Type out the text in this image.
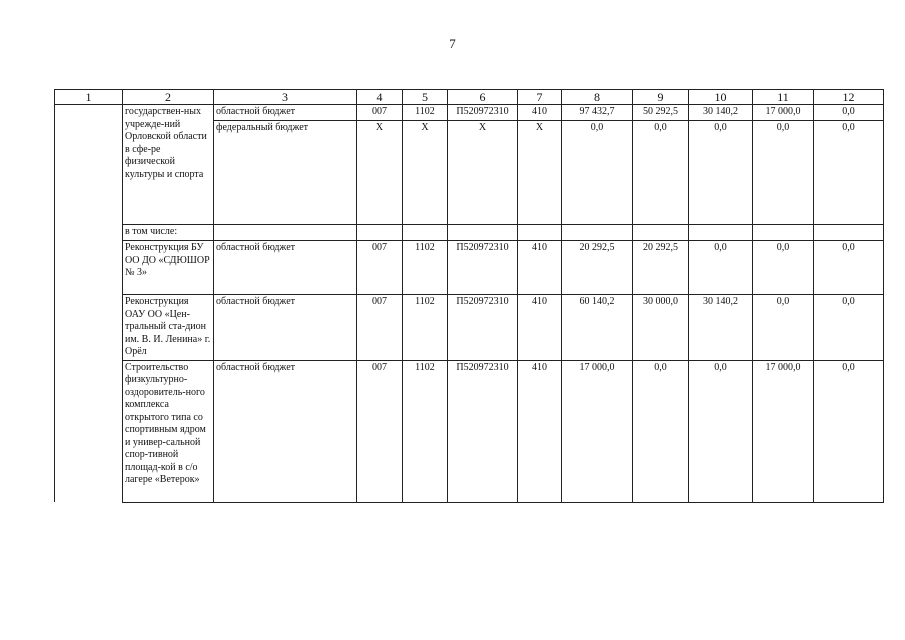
7
1	2	3	4	5	6	7	8	9	10	11	12
	государствен-ных учрежде-ний Орловской области в сфе-ре физической культуры и спорта	областной бюджет	007	1102	П520972310	410	97 432,7	50 292,5	30 140,2	17 000,0	0,0
		федеральный бюджет	Х	Х	Х	Х	0,0	0,0	0,0	0,0	0,0
	в том числе:										
	Реконструкция БУ ОО ДО «СДЮШОР № 3»	областной бюджет	007	1102	П520972310	410	20 292,5	20 292,5	0,0	0,0	0,0
	Реконструкция ОАУ ОО «Цен-тральный ста-дион им. В. И. Ленина» г. Орёл	областной бюджет	007	1102	П520972310	410	60 140,2	30 000,0	30 140,2	0,0	0,0
	Строительство физкультурно-оздоровитель-ного комплекса открытого типа со спортивным ядром и универ-сальной спор-тивной площад-кой в с/о лагере «Ветерок»	областной бюджет	007	1102	П520972310	410	17 000,0	0,0	0,0	17 000,0	0,0
